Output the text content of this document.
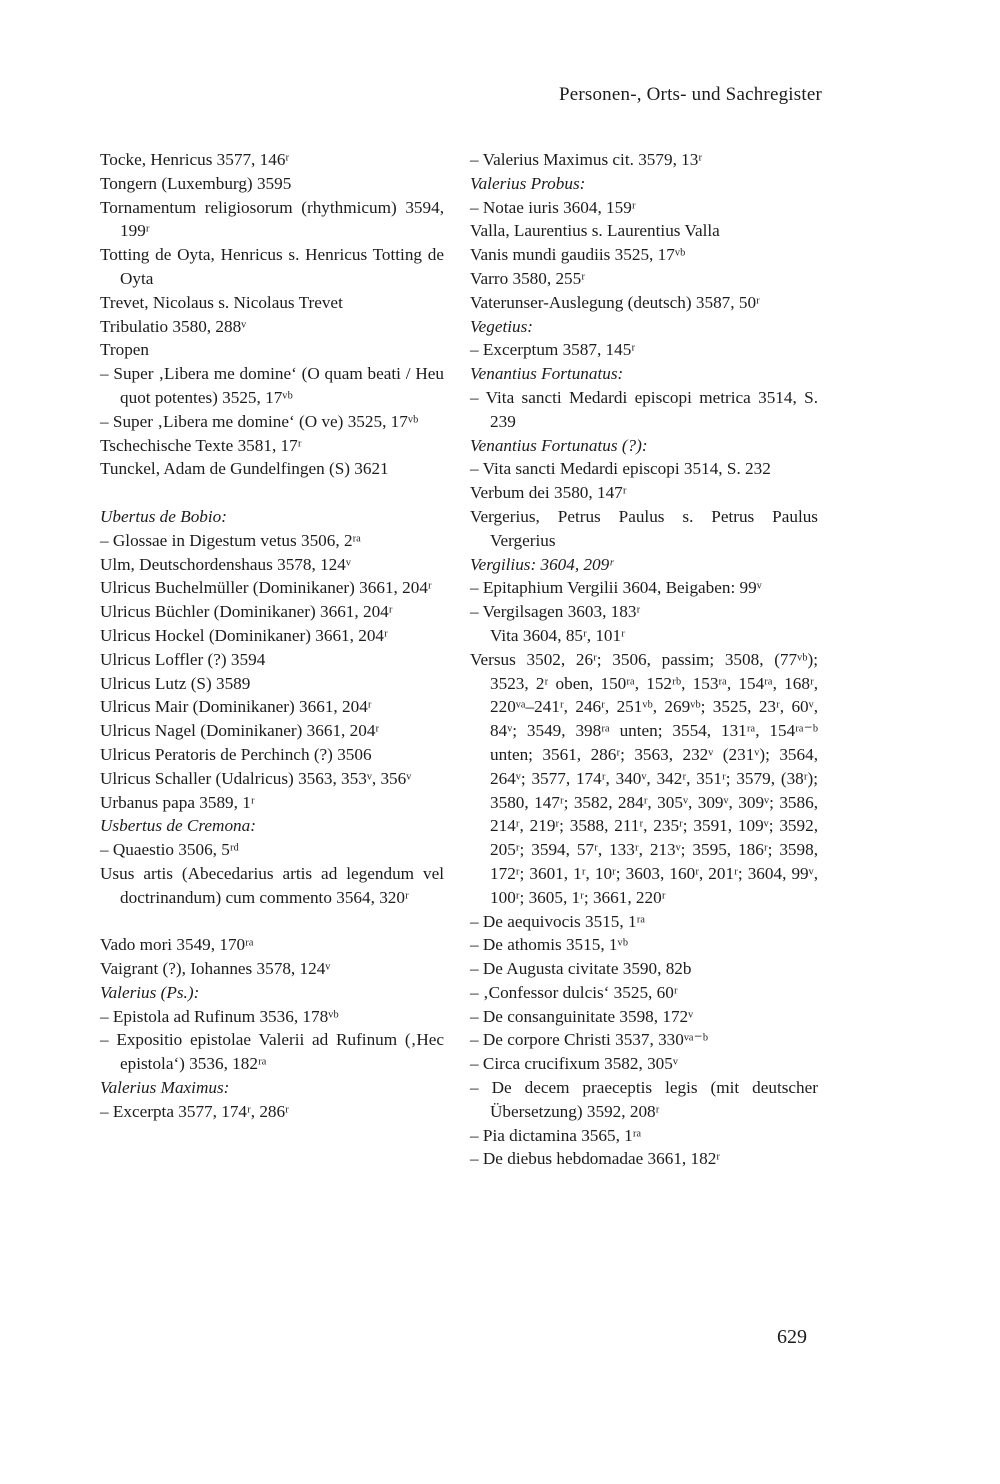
Personen-, Orts- und Sachregister
Tocke, Henricus 3577, 146ʳ
Tongern (Luxemburg) 3595
Tornamentum religiosorum (rhythmicum) 3594, 199ʳ
Totting de Oyta, Henricus s. Henricus Totting de Oyta
Trevet, Nicolaus s. Nicolaus Trevet
Tribulatio 3580, 288ᵛ
Tropen
– Super ‚Libera me domine‘ (O quam beati / Heu quot potentes) 3525, 17ᵛᵇ
– Super ‚Libera me domine‘ (O ve) 3525, 17ᵛᵇ
Tschechische Texte 3581, 17ʳ
Tunckel, Adam de Gundelfingen (S) 3621
Ubertus de Bobio:
– Glossae in Digestum vetus 3506, 2ʳᵃ
Ulm, Deutschordenshaus 3578, 124ᵛ
Ulricus Buchelmüller (Dominikaner) 3661, 204ʳ
Ulricus Büchler (Dominikaner) 3661, 204ʳ
Ulricus Hockel (Dominikaner) 3661, 204ʳ
Ulricus Loffler (?) 3594
Ulricus Lutz (S) 3589
Ulricus Mair (Dominikaner) 3661, 204ʳ
Ulricus Nagel (Dominikaner) 3661, 204ʳ
Ulricus Peratoris de Perchinch (?) 3506
Ulricus Schaller (Udalricus) 3563, 353ᵛ, 356ᵛ
Urbanus papa 3589, 1ʳ
Usbertus de Cremona:
– Quaestio 3506, 5ʳᵈ
Usus artis (Abecedarius artis ad legendum vel doctrinandum) cum commento 3564, 320ʳ
Vado mori 3549, 170ʳᵃ
Vaigrant (?), Iohannes 3578, 124ᵛ
Valerius (Ps.):
– Epistola ad Rufinum 3536, 178ᵛᵇ
– Expositio epistolae Valerii ad Rufinum (‚Hec epistola‘) 3536, 182ʳᵃ
Valerius Maximus:
– Excerpta 3577, 174ʳ, 286ʳ
– Valerius Maximus cit. 3579, 13ʳ
Valerius Probus:
– Notae iuris 3604, 159ʳ
Valla, Laurentius s. Laurentius Valla
Vanis mundi gaudiis 3525, 17ᵛᵇ
Varro 3580, 255ʳ
Vaterunser-Auslegung (deutsch) 3587, 50ʳ
Vegetius:
– Excerptum 3587, 145ʳ
Venantius Fortunatus:
– Vita sancti Medardi episcopi metrica 3514, S. 239
Venantius Fortunatus (?):
– Vita sancti Medardi episcopi 3514, S. 232
Verbum dei 3580, 147ʳ
Vergerius, Petrus Paulus s. Petrus Paulus Vergerius
Vergilius: 3604, 209ʳ
– Epitaphium Vergilii 3604, Beigaben: 99ᵛ
– Vergilsagen 3603, 183ʳ
Vita 3604, 85ʳ, 101ʳ
Versus 3502, 26ʳ; 3506, passim; 3508, (77ᵛᵇ); 3523, 2ʳ oben, 150ʳᵃ, 152ʳᵇ, 153ʳᵃ, 154ʳᵃ, 168ʳ, 220ᵛᵃ–241ʳ, 246ʳ, 251ᵛᵇ, 269ᵛᵇ; 3525, 23ʳ, 60ᵛ, 84ᵛ; 3549, 398ʳᵃ unten; 3554, 131ʳᵃ, 154ʳᵃ⁻ᵇ unten; 3561, 286ʳ; 3563, 232ᵛ (231ᵛ); 3564, 264ᵛ; 3577, 174ʳ, 340ᵛ, 342ʳ, 351ʳ; 3579, (38ʳ); 3580, 147ʳ; 3582, 284ʳ, 305ᵛ, 309ᵛ, 309ᵛ; 3586, 214ʳ, 219ʳ; 3588, 211ʳ, 235ʳ; 3591, 109ᵛ; 3592, 205ʳ; 3594, 57ʳ, 133ʳ, 213ᵛ; 3595, 186ʳ; 3598, 172ʳ; 3601, 1ʳ, 10ʳ; 3603, 160ʳ, 201ʳ; 3604, 99ᵛ, 100ʳ; 3605, 1ʳ; 3661, 220ʳ
– De aequivocis 3515, 1ʳᵃ
– De athomis 3515, 1ᵛᵇ
– De Augusta civitate 3590, 82b
– ‚Confessor dulcis‘ 3525, 60ʳ
– De consanguinitate 3598, 172ᵛ
– De corpore Christi 3537, 330ᵛᵃ⁻ᵇ
– Circa crucifixum 3582, 305ᵛ
– De decem praeceptis legis (mit deutscher Übersetzung) 3592, 208ʳ
– Pia dictamina 3565, 1ʳᵃ
– De diebus hebdomadae 3661, 182ʳ
629
